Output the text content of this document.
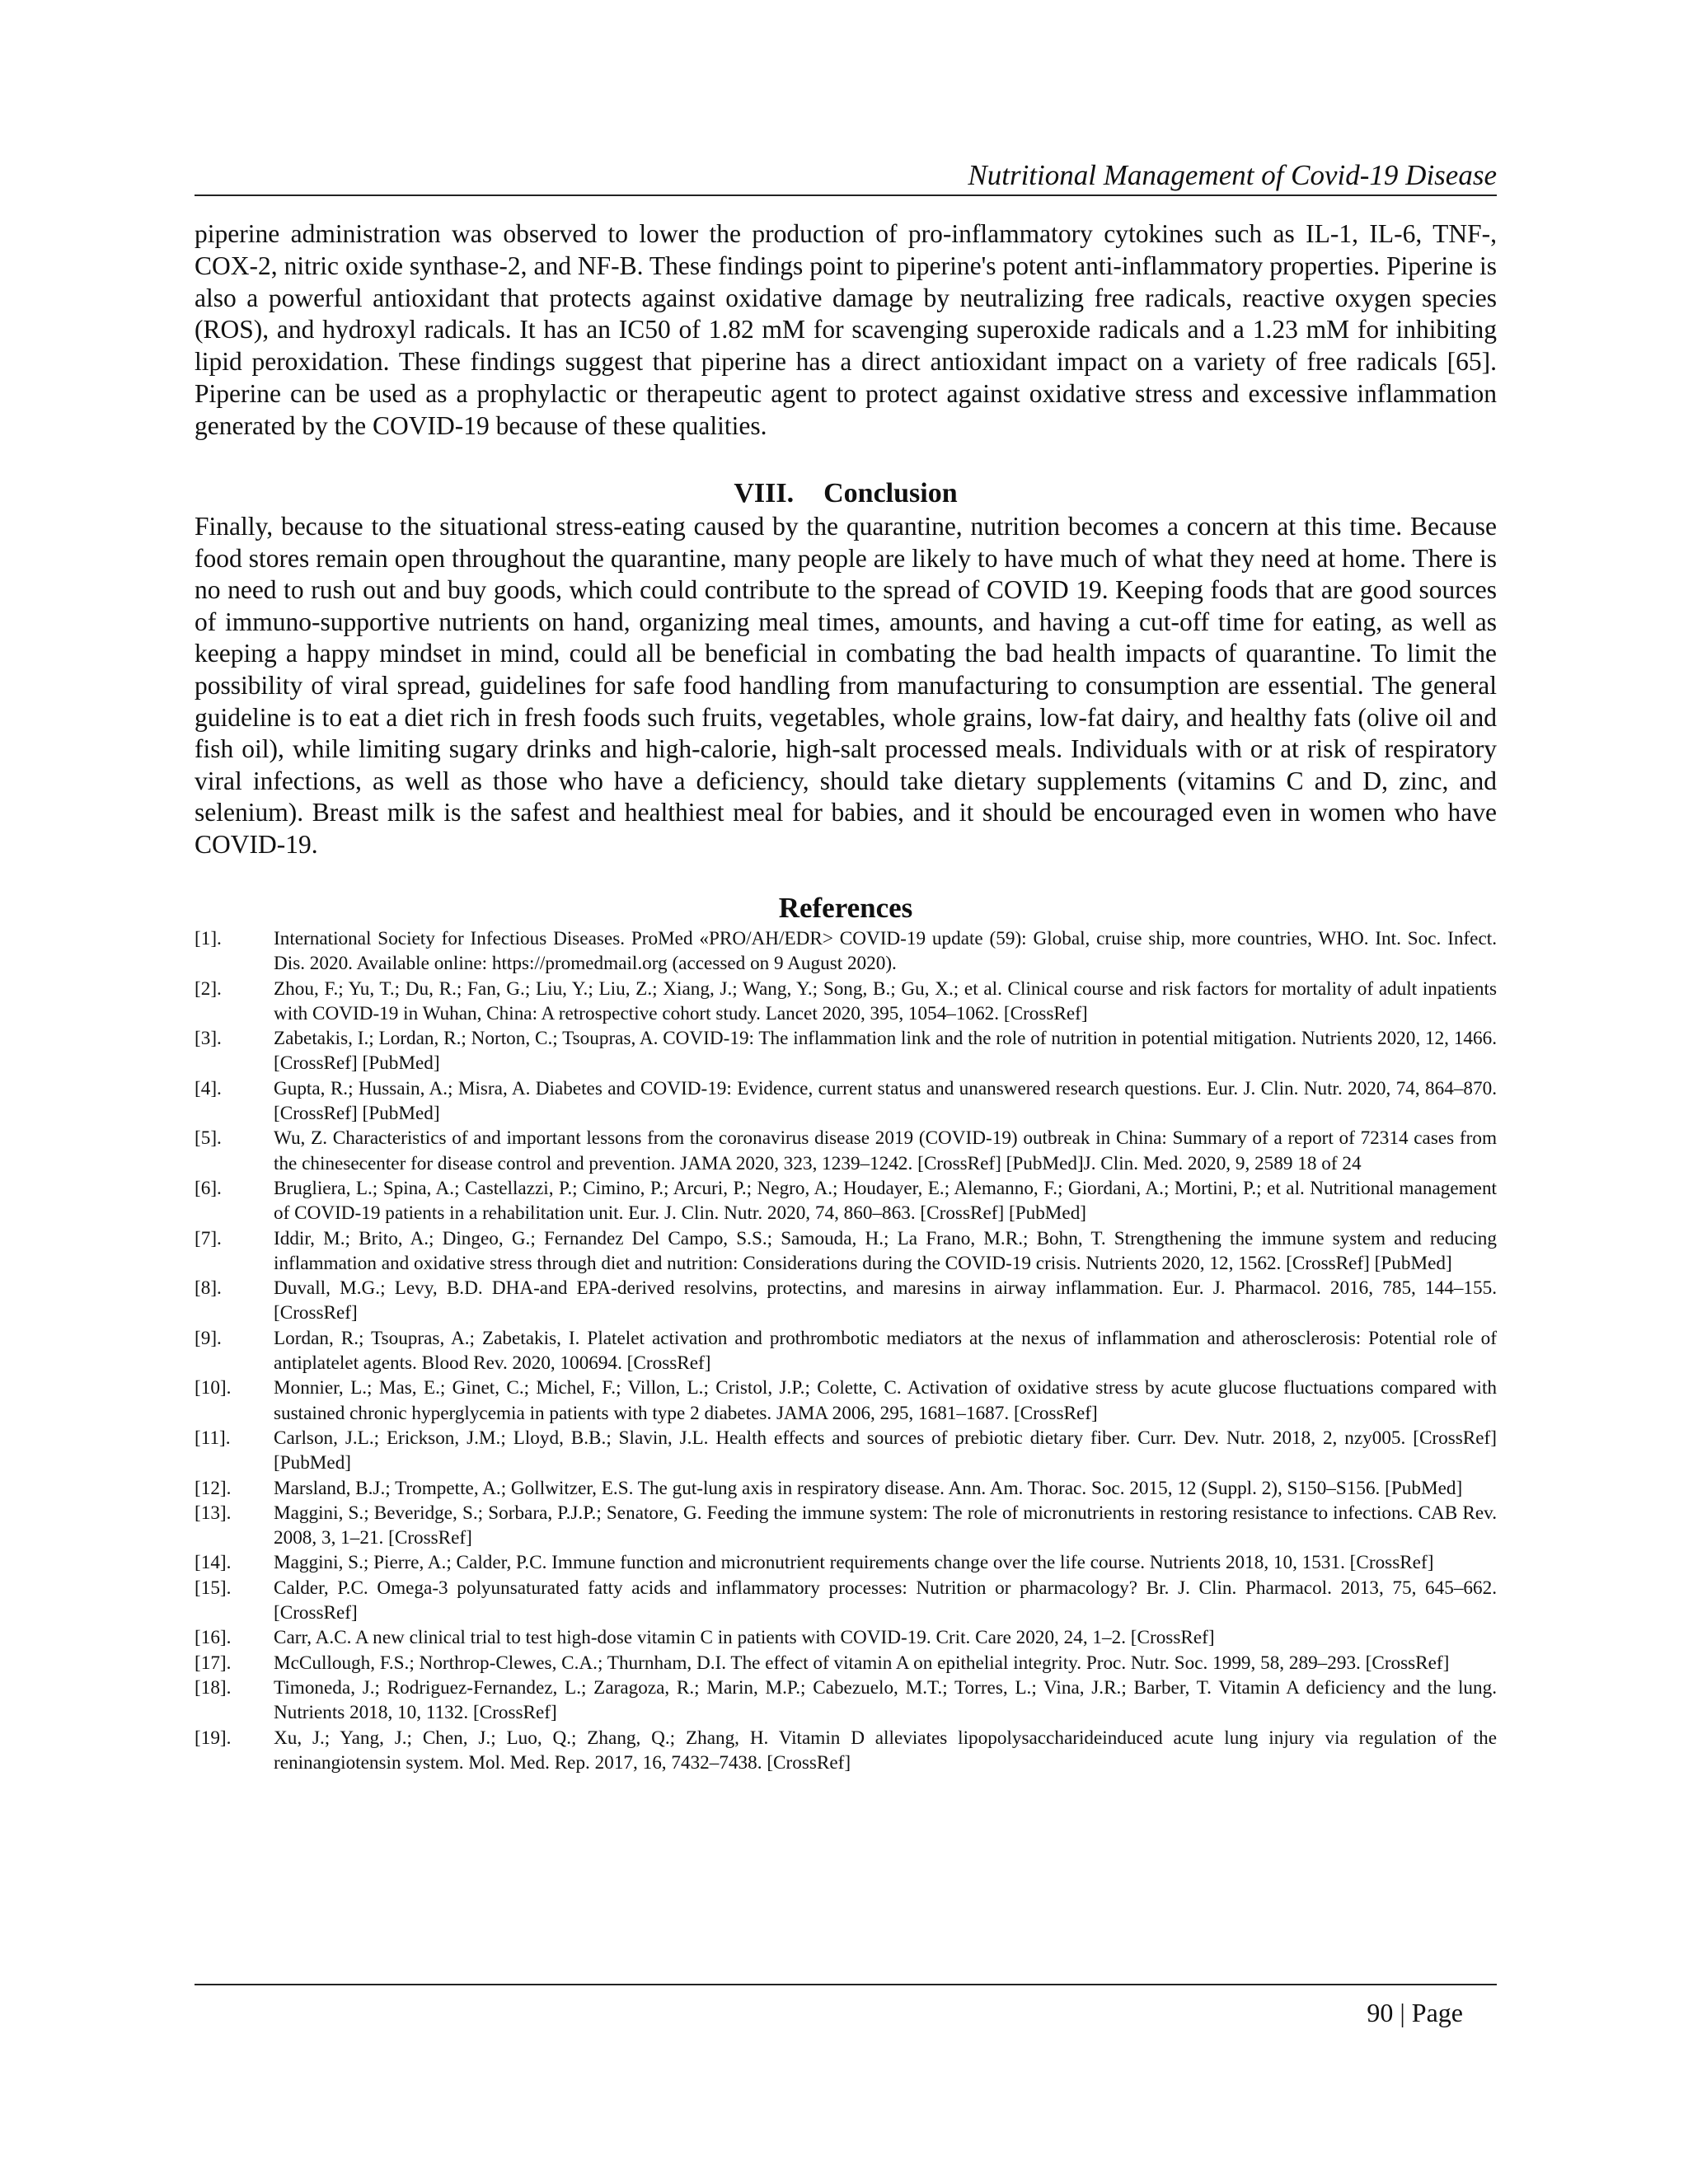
Nutritional Management of Covid-19 Disease

piperine administration was observed to lower the production of pro-inflammatory cytokines such as IL-1, IL-6, TNF-, COX-2, nitric oxide synthase-2, and NF-B. These findings point to piperine's potent anti-inflammatory properties. Piperine is also a powerful antioxidant that protects against oxidative damage by neutralizing free radicals, reactive oxygen species (ROS), and hydroxyl radicals. It has an IC50 of 1.82 mM for scavenging superoxide radicals and a 1.23 mM for inhibiting lipid peroxidation. These findings suggest that piperine has a direct antioxidant impact on a variety of free radicals [65]. Piperine can be used as a prophylactic or therapeutic agent to protect against oxidative stress and excessive inflammation generated by the COVID-19 because of these qualities.

VIII. Conclusion

Finally, because to the situational stress-eating caused by the quarantine, nutrition becomes a concern at this time. Because food stores remain open throughout the quarantine, many people are likely to have much of what they need at home. There is no need to rush out and buy goods, which could contribute to the spread of COVID 19. Keeping foods that are good sources of immuno-supportive nutrients on hand, organizing meal times, amounts, and having a cut-off time for eating, as well as keeping a happy mindset in mind, could all be beneficial in combating the bad health impacts of quarantine. To limit the possibility of viral spread, guidelines for safe food handling from manufacturing to consumption are essential. The general guideline is to eat a diet rich in fresh foods such fruits, vegetables, whole grains, low-fat dairy, and healthy fats (olive oil and fish oil), while limiting sugary drinks and high-calorie, high-salt processed meals. Individuals with or at risk of respiratory viral infections, as well as those who have a deficiency, should take dietary supplements (vitamins C and D, zinc, and selenium). Breast milk is the safest and healthiest meal for babies, and it should be encouraged even in women who have COVID-19.

References
[1].	International Society for Infectious Diseases. ProMed «PRO/AH/EDR> COVID-19 update (59): Global, cruise ship, more countries, WHO. Int. Soc. Infect. Dis. 2020. Available online: https://promedmail.org (accessed on 9 August 2020).
[2].	Zhou, F.; Yu, T.; Du, R.; Fan, G.; Liu, Y.; Liu, Z.; Xiang, J.; Wang, Y.; Song, B.; Gu, X.; et al. Clinical course and risk factors for mortality of adult inpatients with COVID-19 in Wuhan, China: A retrospective cohort study. Lancet 2020, 395, 1054–1062. [CrossRef]
[3].	Zabetakis, I.; Lordan, R.; Norton, C.; Tsoupras, A. COVID-19: The inflammation link and the role of nutrition in potential mitigation. Nutrients 2020, 12, 1466. [CrossRef] [PubMed]
[4].	Gupta, R.; Hussain, A.; Misra, A. Diabetes and COVID-19: Evidence, current status and unanswered research questions. Eur. J. Clin. Nutr. 2020, 74, 864–870. [CrossRef] [PubMed]
[5].	Wu, Z. Characteristics of and important lessons from the coronavirus disease 2019 (COVID-19) outbreak in China: Summary of a report of 72314 cases from the chinesecenter for disease control and prevention. JAMA 2020, 323, 1239–1242. [CrossRef] [PubMed]J. Clin. Med. 2020, 9, 2589 18 of 24
[6].	Brugliera, L.; Spina, A.; Castellazzi, P.; Cimino, P.; Arcuri, P.; Negro, A.; Houdayer, E.; Alemanno, F.; Giordani, A.; Mortini, P.; et al. Nutritional management of COVID-19 patients in a rehabilitation unit. Eur. J. Clin. Nutr. 2020, 74, 860–863. [CrossRef] [PubMed]
[7].	Iddir, M.; Brito, A.; Dingeo, G.; Fernandez Del Campo, S.S.; Samouda, H.; La Frano, M.R.; Bohn, T. Strengthening the immune system and reducing inflammation and oxidative stress through diet and nutrition: Considerations during the COVID-19 crisis. Nutrients 2020, 12, 1562. [CrossRef] [PubMed]
[8].	Duvall, M.G.; Levy, B.D. DHA-and EPA-derived resolvins, protectins, and maresins in airway inflammation. Eur. J. Pharmacol. 2016, 785, 144–155. [CrossRef]
[9].	Lordan, R.; Tsoupras, A.; Zabetakis, I. Platelet activation and prothrombotic mediators at the nexus of inflammation and atherosclerosis: Potential role of antiplatelet agents. Blood Rev. 2020, 100694. [CrossRef]
[10].	Monnier, L.; Mas, E.; Ginet, C.; Michel, F.; Villon, L.; Cristol, J.P.; Colette, C. Activation of oxidative stress by acute glucose fluctuations compared with sustained chronic hyperglycemia in patients with type 2 diabetes. JAMA 2006, 295, 1681–1687. [CrossRef]
[11].	Carlson, J.L.; Erickson, J.M.; Lloyd, B.B.; Slavin, J.L. Health effects and sources of prebiotic dietary fiber. Curr. Dev. Nutr. 2018, 2, nzy005. [CrossRef] [PubMed]
[12].	Marsland, B.J.; Trompette, A.; Gollwitzer, E.S. The gut-lung axis in respiratory disease. Ann. Am. Thorac. Soc. 2015, 12 (Suppl. 2), S150–S156. [PubMed]
[13].	Maggini, S.; Beveridge, S.; Sorbara, P.J.P.; Senatore, G. Feeding the immune system: The role of micronutrients in restoring resistance to infections. CAB Rev. 2008, 3, 1–21. [CrossRef]
[14].	Maggini, S.; Pierre, A.; Calder, P.C. Immune function and micronutrient requirements change over the life course. Nutrients 2018, 10, 1531. [CrossRef]
[15].	Calder, P.C. Omega-3 polyunsaturated fatty acids and inflammatory processes: Nutrition or pharmacology? Br. J. Clin. Pharmacol. 2013, 75, 645–662. [CrossRef]
[16].	Carr, A.C. A new clinical trial to test high-dose vitamin C in patients with COVID-19. Crit. Care 2020, 24, 1–2. [CrossRef]
[17].	McCullough, F.S.; Northrop-Clewes, C.A.; Thurnham, D.I. The effect of vitamin A on epithelial integrity. Proc. Nutr. Soc. 1999, 58, 289–293. [CrossRef]
[18].	Timoneda, J.; Rodriguez-Fernandez, L.; Zaragoza, R.; Marin, M.P.; Cabezuelo, M.T.; Torres, L.; Vina, J.R.; Barber, T. Vitamin A deficiency and the lung. Nutrients 2018, 10, 1132. [CrossRef]
[19].	Xu, J.; Yang, J.; Chen, J.; Luo, Q.; Zhang, Q.; Zhang, H. Vitamin D alleviates lipopolysaccharideinduced acute lung injury via regulation of the reninangiotensin system. Mol. Med. Rep. 2017, 16, 7432–7438. [CrossRef]
90 | Page
